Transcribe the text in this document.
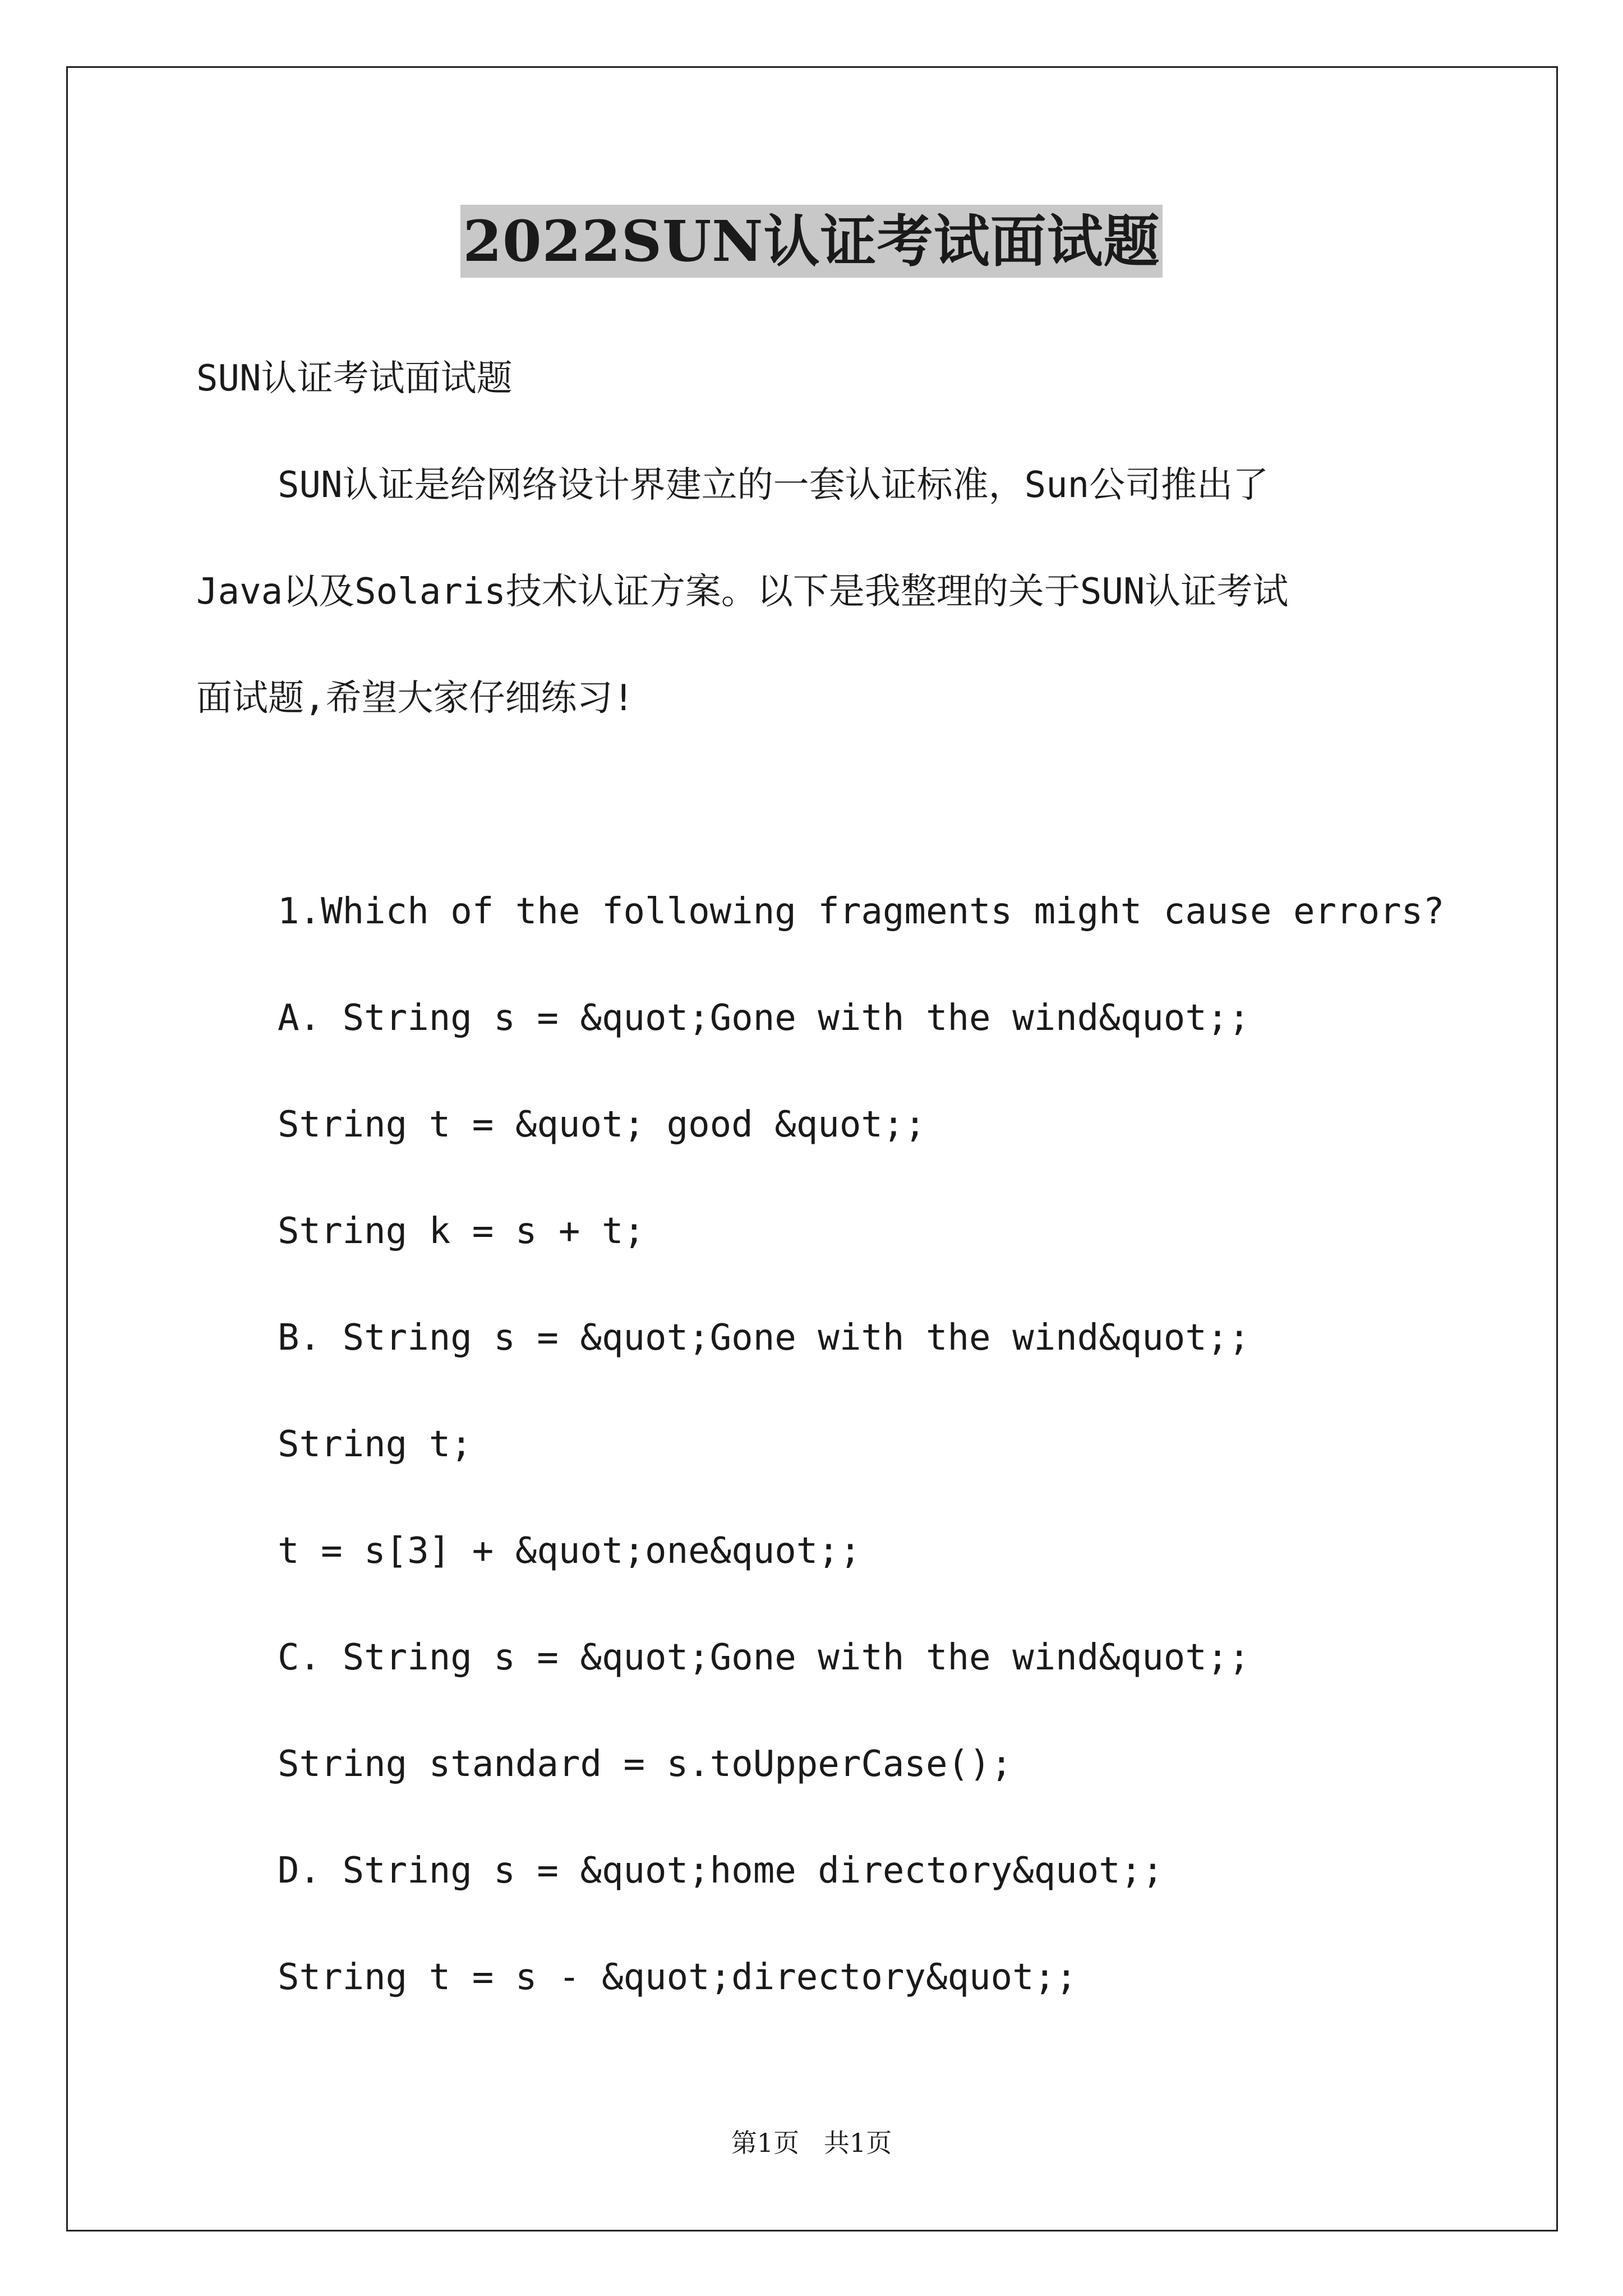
2022SUN认证考试面试题
SUN认证考试面试题
SUN认证是给网络设计界建立的一套认证标准，Sun公司推出了
Java以及Solaris技术认证方案。以下是我整理的关于SUN认证考试
面试题,希望大家仔细练习!
1.Which of the following fragments might cause errors?
A. String s = &quot;Gone with the wind&quot;;
String t = &quot; good &quot;;
String k = s + t;
B. String s = &quot;Gone with the wind&quot;;
String t;
t = s[3] + &quot;one&quot;;
C. String s = &quot;Gone with the wind&quot;;
String standard = s.toUpperCase();
D. String s = &quot;home directory&quot;;
String t = s - &quot;directory&quot;;
第1页   共1页
